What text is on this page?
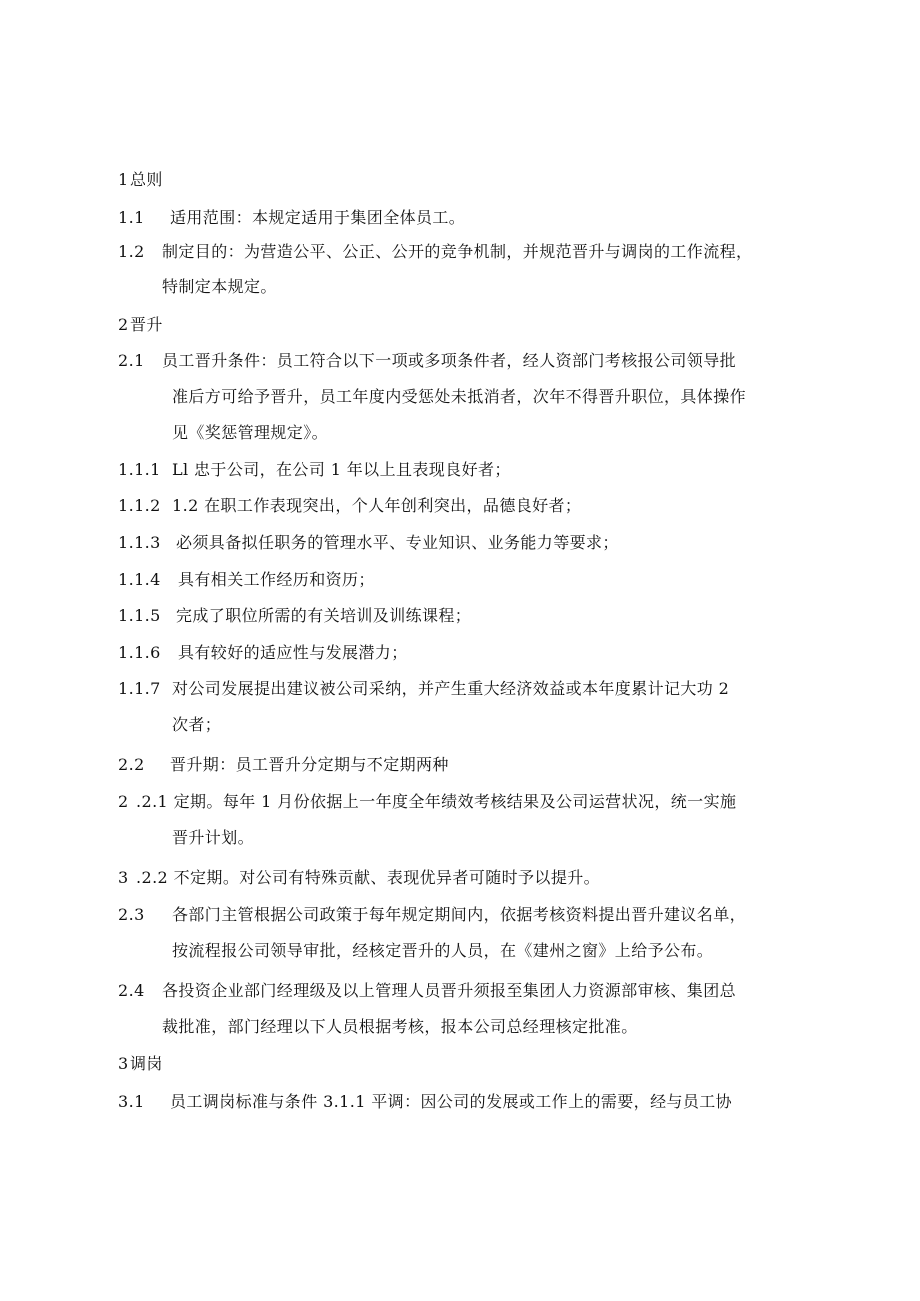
1 总则
1.1 适用范围：本规定适用于集团全体员工。
1.2 制定目的：为营造公平、公正、公开的竞争机制，并规范晋升与调岗的工作流程，
特制定本规定。
2 晋升
2.1 员工晋升条件：员工符合以下一项或多项条件者，经人资部门考核报公司领导批
准后方可给予晋升，员工年度内受惩处未抵消者，次年不得晋升职位，具体操作
见《奖惩管理规定》。
1.1.1 Ll 忠于公司，在公司 1 年以上且表现良好者；
1.1.2 1.2 在职工作表现突出，个人年创利突出，品德良好者；
1.1.3 必须具备拟任职务的管理水平、专业知识、业务能力等要求；
1.1.4 具有相关工作经历和资历；
1.1.5 完成了职位所需的有关培训及训练课程；
1.1.6 具有较好的适应性与发展潜力；
1.1.7 对公司发展提出建议被公司采纳，并产生重大经济效益或本年度累计记大功 2
次者；
2.2 晋升期：员工晋升分定期与不定期两种
2 .2.1 定期。每年 1 月份依据上一年度全年绩效考核结果及公司运营状况，统一实施
晋升计划。
3 .2.2 不定期。对公司有特殊贡献、表现优异者可随时予以提升。
2.3 各部门主管根据公司政策于每年规定期间内，依据考核资料提出晋升建议名单，
按流程报公司领导审批，经核定晋升的人员，在《建州之窗》上给予公布。
2.4 各投资企业部门经理级及以上管理人员晋升须报至集团人力资源部审核、集团总
裁批准，部门经理以下人员根据考核，报本公司总经理核定批准。
3 调岗
3.1 员工调岗标准与条件 3.1.1 平调：因公司的发展或工作上的需要，经与员工协
